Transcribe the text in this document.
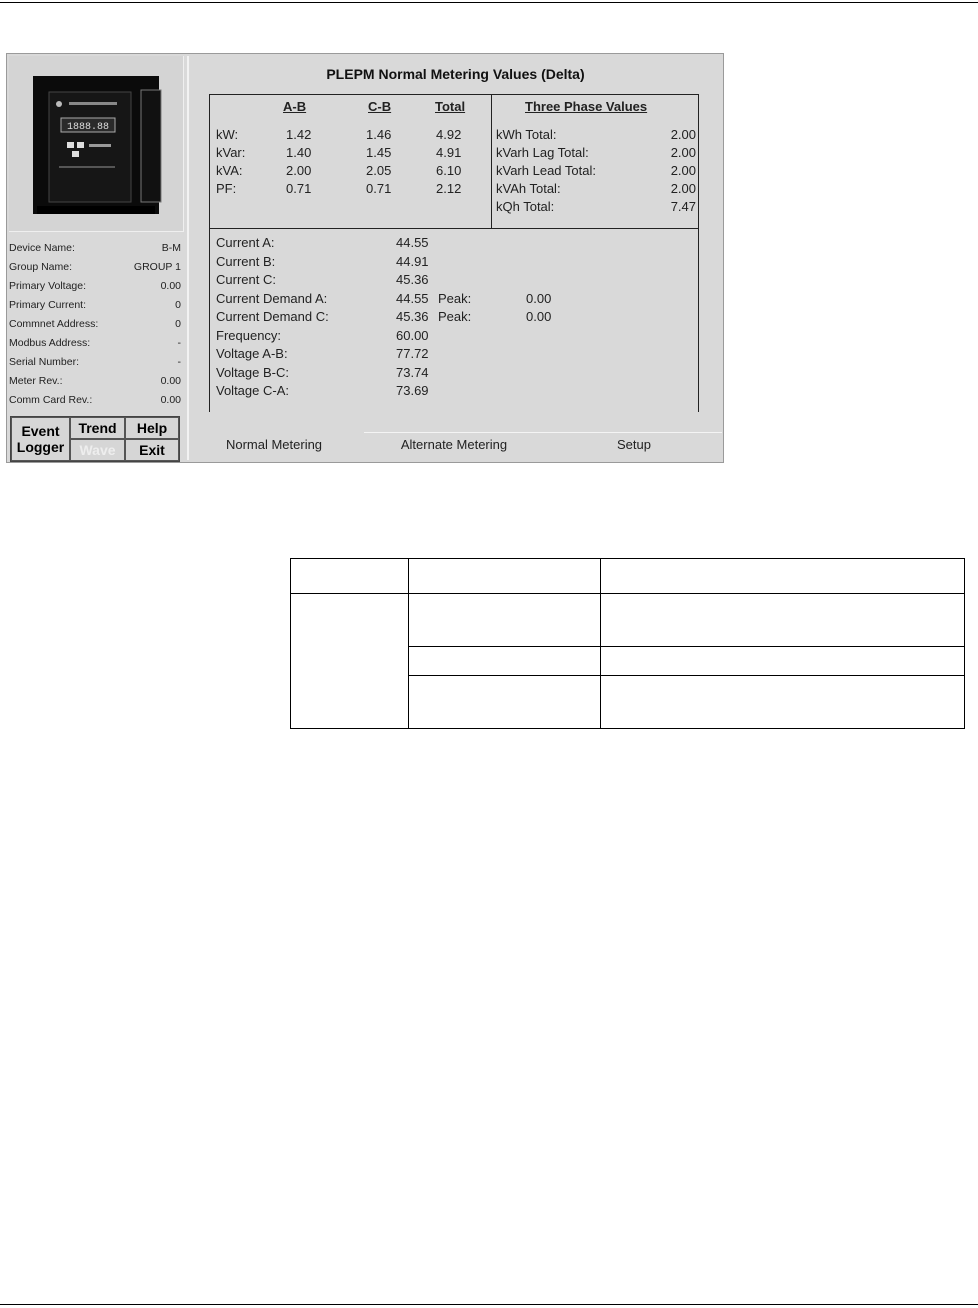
1888.88
Device Name:	B-M
Group Name:	GROUP 1
Primary Voltage:	0.00
Primary Current:	0
Commnet Address:	0
Modbus Address:	-
Serial Number:	-
Meter Rev.:	0.00
Comm Card Rev.:	0.00
Event
Logger
Trend	Help
Wave	Exit
PLEPM Normal Metering Values (Delta)
A-B	C-B	Total	Three Phase Values
kW:	1.42	1.46	4.92
kVar:	1.40	1.45	4.91
kVA:	2.00	2.05	6.10
PF:	0.71	0.71	2.12
kWh Total:	2.00
kVarh Lag Total:	2.00
kVarh Lead Total:	2.00
kVAh Total:	2.00
kQh Total:	7.47
Current A:	44.55
Current B:	44.91
Current C:	45.36
Current Demand A:	44.55 Peak:	0.00
Current Demand C:	45.36 Peak:	0.00
Frequency:	60.00
Voltage A-B:	77.72
Voltage B-C:	73.74
Voltage C-A:	73.69
Normal Metering	Alternate Metering	Setup
